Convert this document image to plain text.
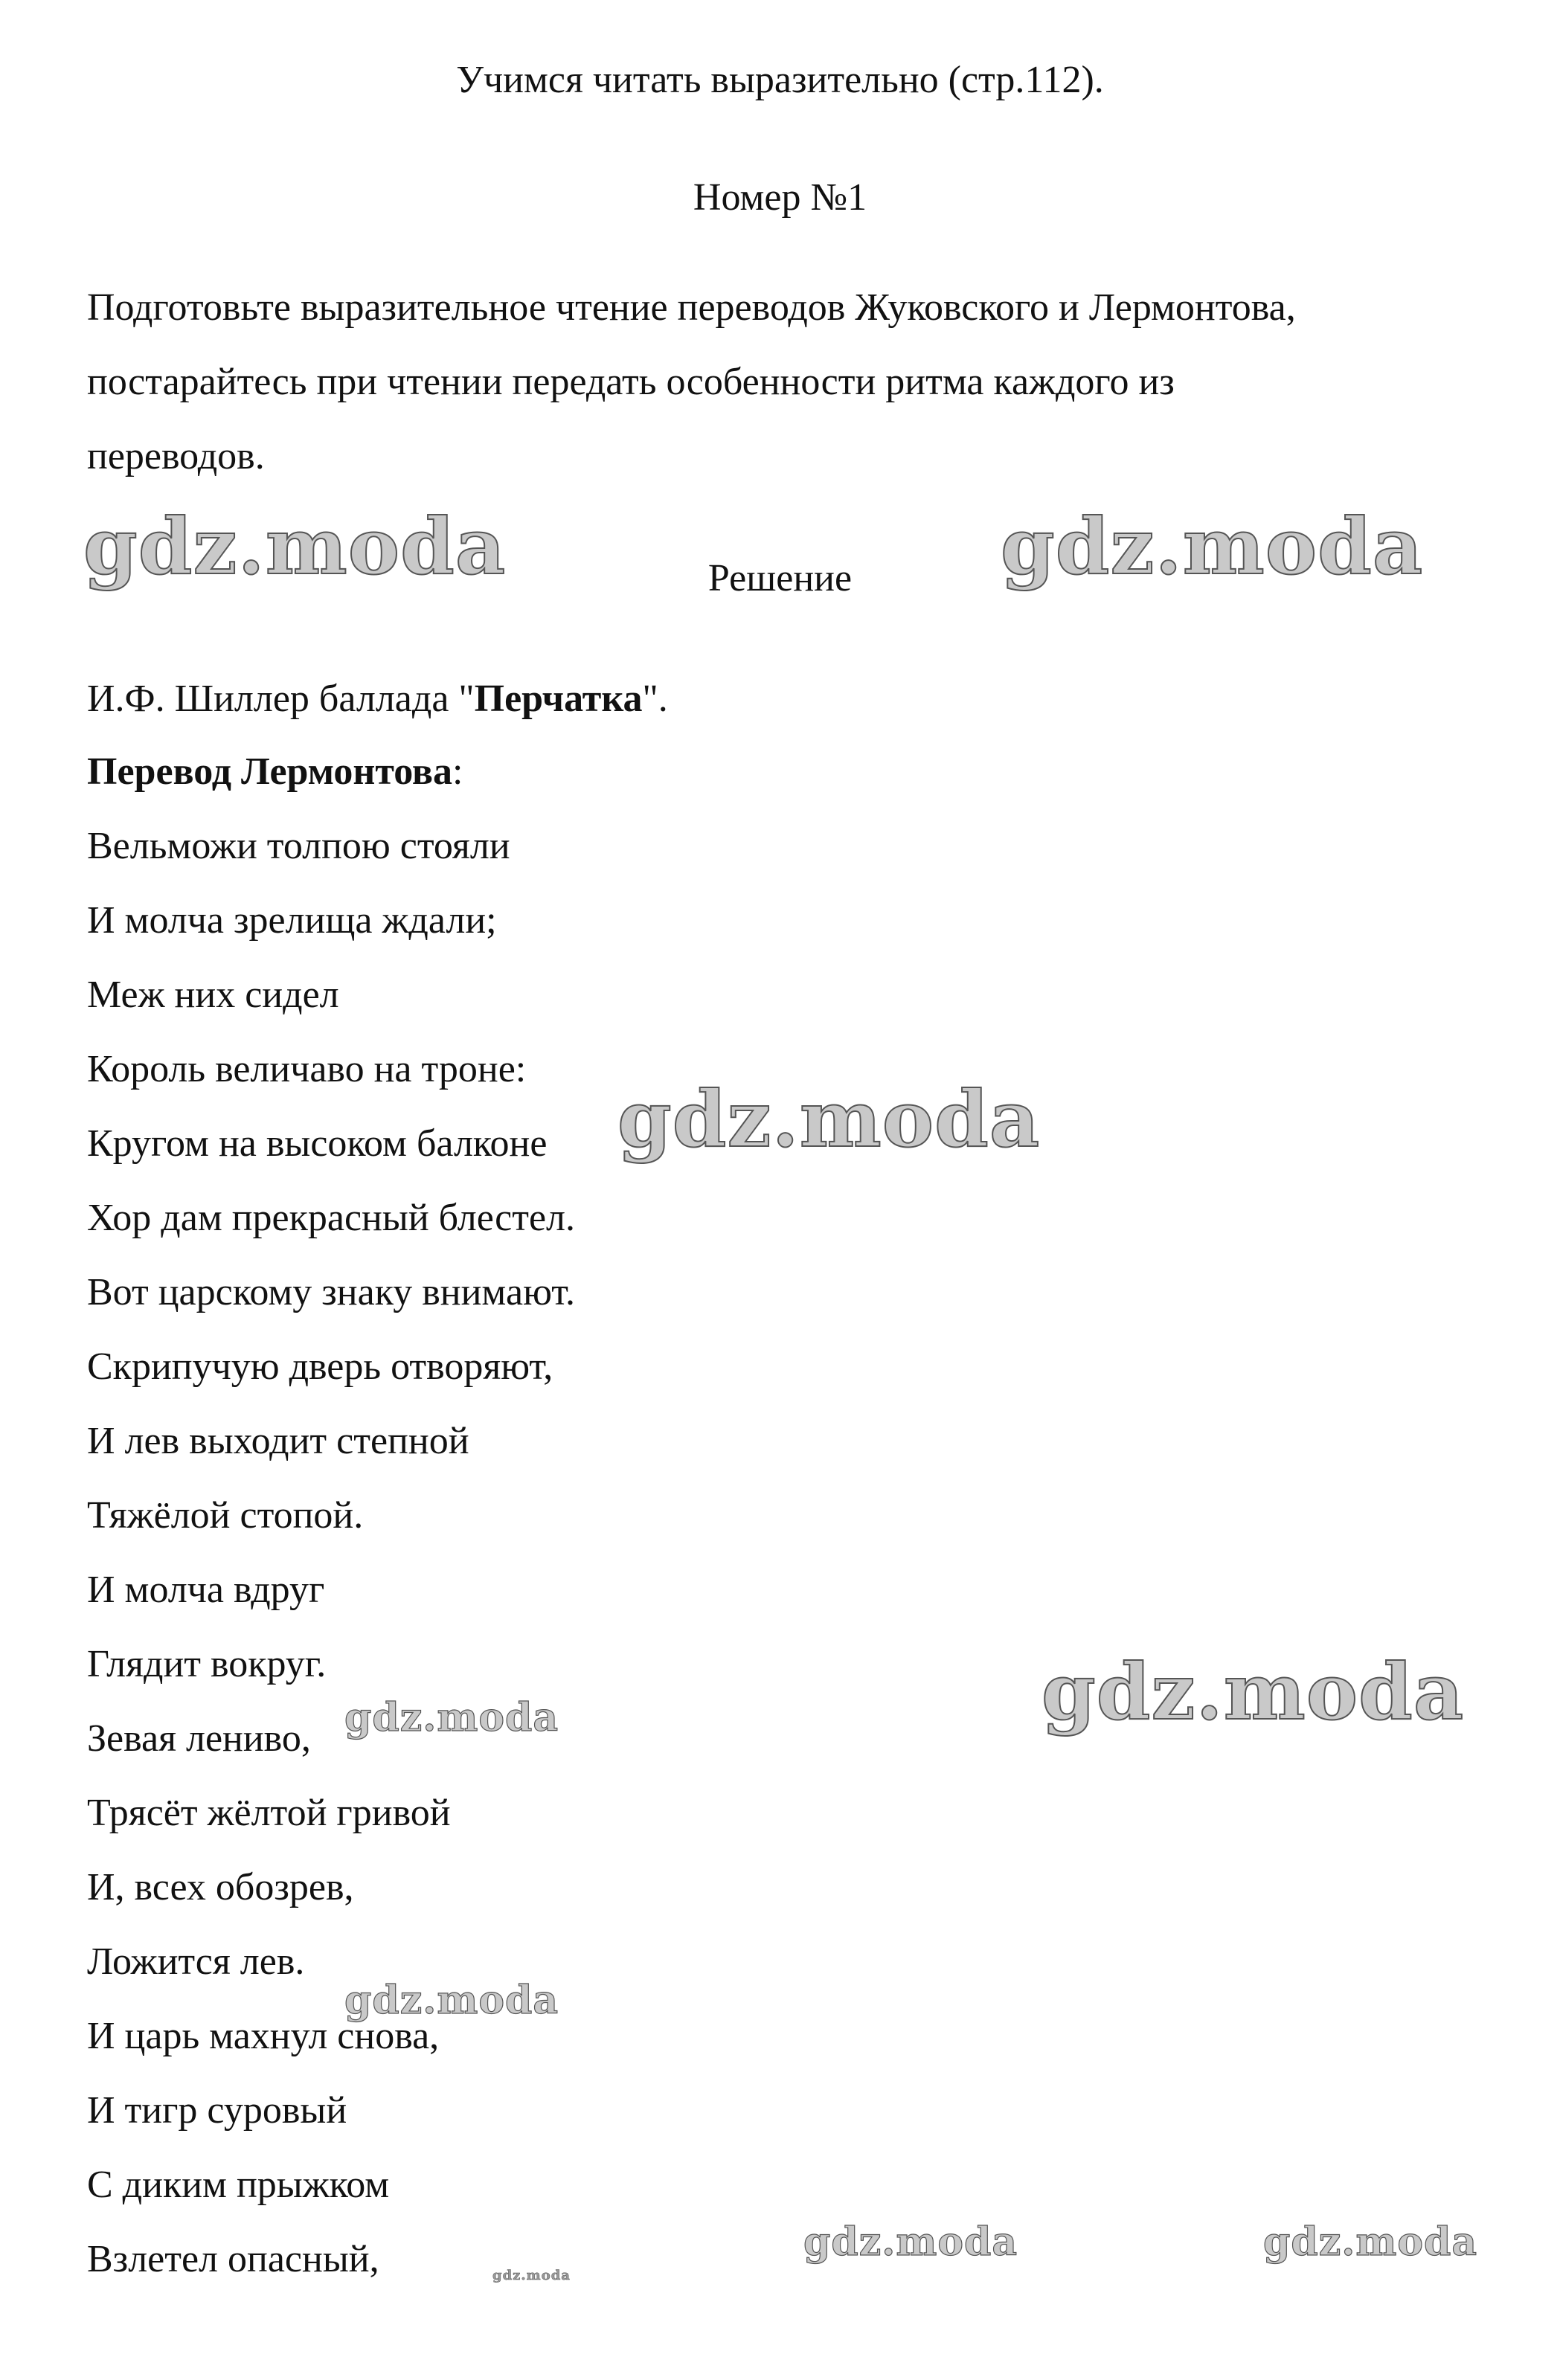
Учимся читать выразительно (стр.112).
Номер №1
Подготовьте выразительное чтение переводов Жуковского и Лермонтова,
постарайтесь при чтении передать особенности ритма каждого из
переводов.
Решение
И.Ф. Шиллер баллада "Перчатка".
Перевод Лермонтова:
Вельможи толпою стояли
И молча зрелища ждали;
Меж них сидел
Король величаво на троне:
Кругом на высоком балконе
Хор дам прекрасный блестел.
Вот царскому знаку внимают.
Скрипучую дверь отворяют,
И лев выходит степной
Тяжёлой стопой.
И молча вдруг
Глядит вокруг.
Зевая лениво,
Трясёт жёлтой гривой
И, всех обозрев,
Ложится лев.
И царь махнул снова,
И тигр суровый
С диким прыжком
Взлетел опасный,
gdz.moda	gdz.moda
gdz.moda
gdz.moda
gdz.moda
gdz.moda
gdz.moda	gdz.moda
gdz.moda
